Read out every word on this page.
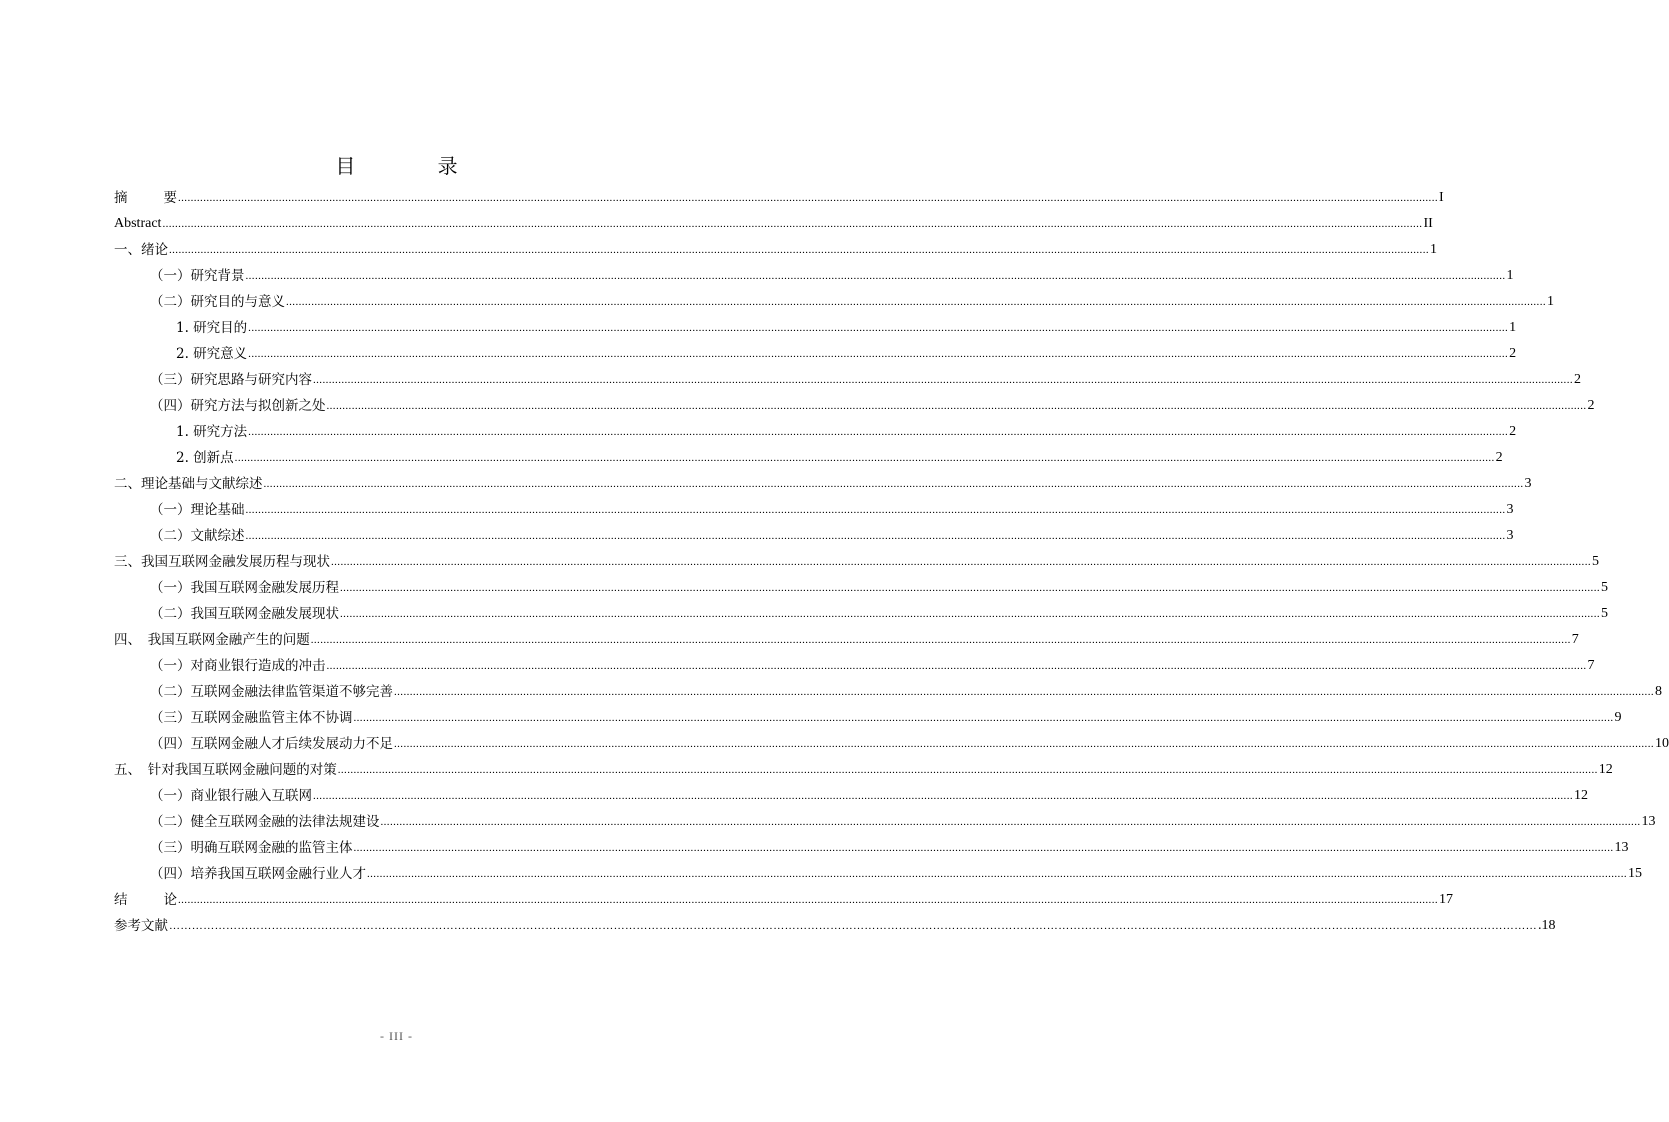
目 录
摘	要 ................................................................................................................................................................................................................................................................................................................................................................................................................ I
Abstract ................................................................................................................................................................................................................................................................................................................................................................................................................ II
一、绪论 ................................................................................................................................................................................................................................................................................................................................................................................................................ 1
（一）研究背景 ................................................................................................................................................................................................................................................................................................................................................................................................................ 1
（二）研究目的与意义 ................................................................................................................................................................................................................................................................................................................................................................................................................ 1
1. 研究目的 ................................................................................................................................................................................................................................................................................................................................................................................................................ 1
2. 研究意义 ................................................................................................................................................................................................................................................................................................................................................................................................................ 2
（三）研究思路与研究内容 ................................................................................................................................................................................................................................................................................................................................................................................................................ 2
（四）研究方法与拟创新之处 ................................................................................................................................................................................................................................................................................................................................................................................................................ 2
1. 研究方法 ................................................................................................................................................................................................................................................................................................................................................................................................................ 2
2. 创新点 ................................................................................................................................................................................................................................................................................................................................................................................................................ 2
二、理论基础与文献综述 ................................................................................................................................................................................................................................................................................................................................................................................................................ 3
（一）理论基础 ................................................................................................................................................................................................................................................................................................................................................................................................................ 3
（二）文献综述 ................................................................................................................................................................................................................................................................................................................................................................................................................ 3
三、我国互联网金融发展历程与现状 ................................................................................................................................................................................................................................................................................................................................................................................................................ 5
（一）我国互联网金融发展历程 ................................................................................................................................................................................................................................................................................................................................................................................................................ 5
（二）我国互联网金融发展现状 ................................................................................................................................................................................................................................................................................................................................................................................................................ 5
四、　我国互联网金融产生的问题 ................................................................................................................................................................................................................................................................................................................................................................................................................ 7
（一）对商业银行造成的冲击 ................................................................................................................................................................................................................................................................................................................................................................................................................ 7
（二）互联网金融法律监管渠道不够完善 ................................................................................................................................................................................................................................................................................................................................................................................................................ 8
（三）互联网金融监管主体不协调 ................................................................................................................................................................................................................................................................................................................................................................................................................ 9
（四）互联网金融人才后续发展动力不足 ................................................................................................................................................................................................................................................................................................................................................................................................................ 10
五、　针对我国互联网金融问题的对策 ................................................................................................................................................................................................................................................................................................................................................................................................................ 12
（一）商业银行融入互联网 ................................................................................................................................................................................................................................................................................................................................................................................................................ 12
（二）健全互联网金融的法律法规建设 ................................................................................................................................................................................................................................................................................................................................................................................................................ 13
（三）明确互联网金融的监管主体 ................................................................................................................................................................................................................................................................................................................................................................................................................ 13
（四）培养我国互联网金融行业人才 ................................................................................................................................................................................................................................................................................................................................................................................................................ 15
结	论 ................................................................................................................................................................................................................................................................................................................................................................................................................ 17
参考文献 ……………………………………………………………………………………………………………………………………………………………………………………………………………………………………………………………………………………………………………………………… .18
- III -
